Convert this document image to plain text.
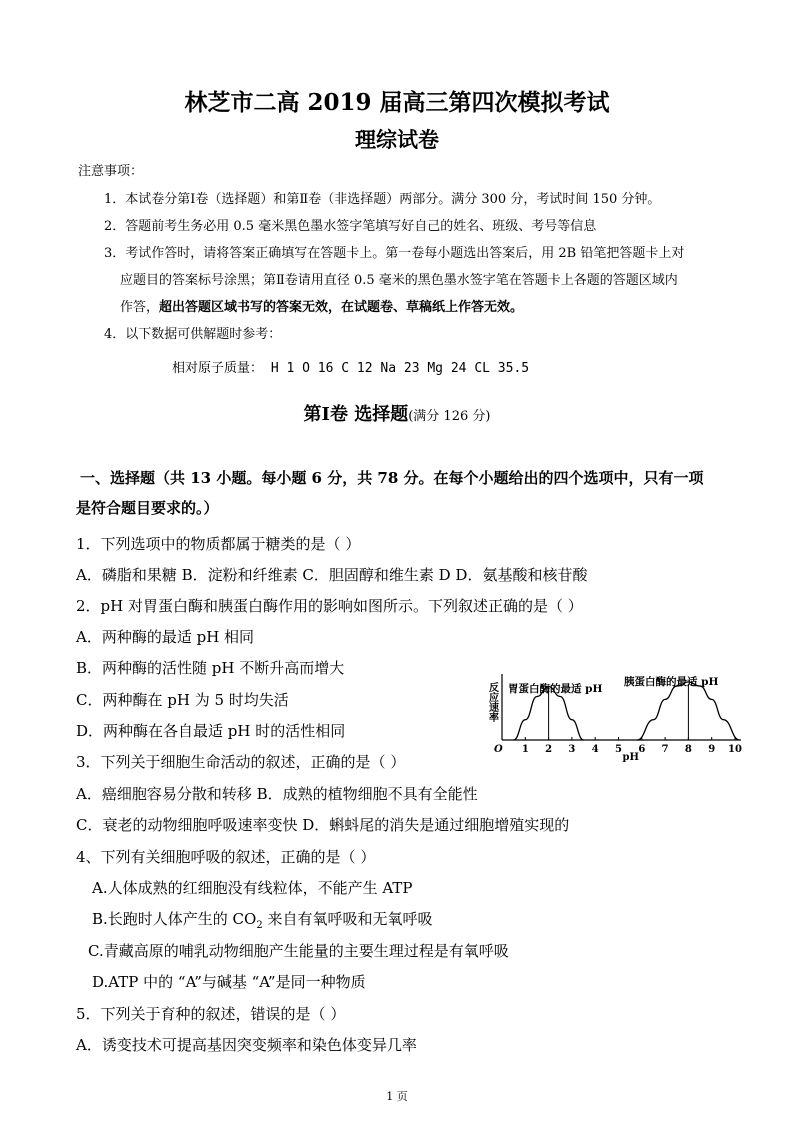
林芝市二高 2019 届高三第四次模拟考试
理综试卷
注意事项：
1．本试卷分第Ⅰ卷（选择题）和第Ⅱ卷（非选择题）两部分。满分 300 分，考试时间 150 分钟。
2．答题前考生务必用 0.5 毫米黑色墨水签字笔填写好自己的姓名、班级、考号等信息
3．考试作答时，请将答案正确填写在答题卡上。第一卷每小题选出答案后，用 2B 铅笔把答题卡上对
应题目的答案标号涂黑；第Ⅱ卷请用直径 0.5 毫米的黑色墨水签字笔在答题卡上各题的答题区域内
作答，超出答题区域书写的答案无效，在试题卷、草稿纸上作答无效。
4．以下数据可供解题时参考：
相对原子质量： H 1 O 16 C 12 Na 23 Mg 24 CL 35.5
第Ⅰ卷 选择题(满分 126 分)
一、选择题（共 13 小题。每小题 6 分，共 78 分。在每个小题给出的四个选项中，只有一项
是符合题目要求的。）
1．下列选项中的物质都属于糖类的是（ ）
A．磷脂和果糖 B．淀粉和纤维素 C．胆固醇和维生素 D D．氨基酸和核苷酸
2．pH 对胃蛋白酶和胰蛋白酶作用的影响如图所示。下列叙述正确的是（ ）
A．两种酶的最适 pH 相同
B．两种酶的活性随 pH 不断升高而增大
C．两种酶在 pH 为 5 时均失活
D．两种酶在各自最适 pH 时的活性相同
3．下列关于细胞生命活动的叙述，正确的是（ ）
A．癌细胞容易分散和转移 B．成熟的植物细胞不具有全能性
C．衰老的动物细胞呼吸速率变快 D．蝌蚪尾的消失是通过细胞增殖实现的
4、下列有关细胞呼吸的叙述，正确的是（ ）
A.人体成熟的红细胞没有线粒体，不能产生 ATP
B.长跑时人体产生的 $CO_2$ 来自有氧呼吸和无氧呼吸
C.青藏高原的哺乳动物细胞产生能量的主要生理过程是有氧呼吸
D.ATP 中的 “A”与碱基 “A”是同一种物质
5．下列关于育种的叙述，错误的是（ ）
A．诱变技术可提高基因突变频率和染色体变异几率
1 2 3 4 5 6 7 8 9 10
O
pH
反应速率 胃蛋白酶的最适 pH
胰蛋白酶的最适 pH
1 页
